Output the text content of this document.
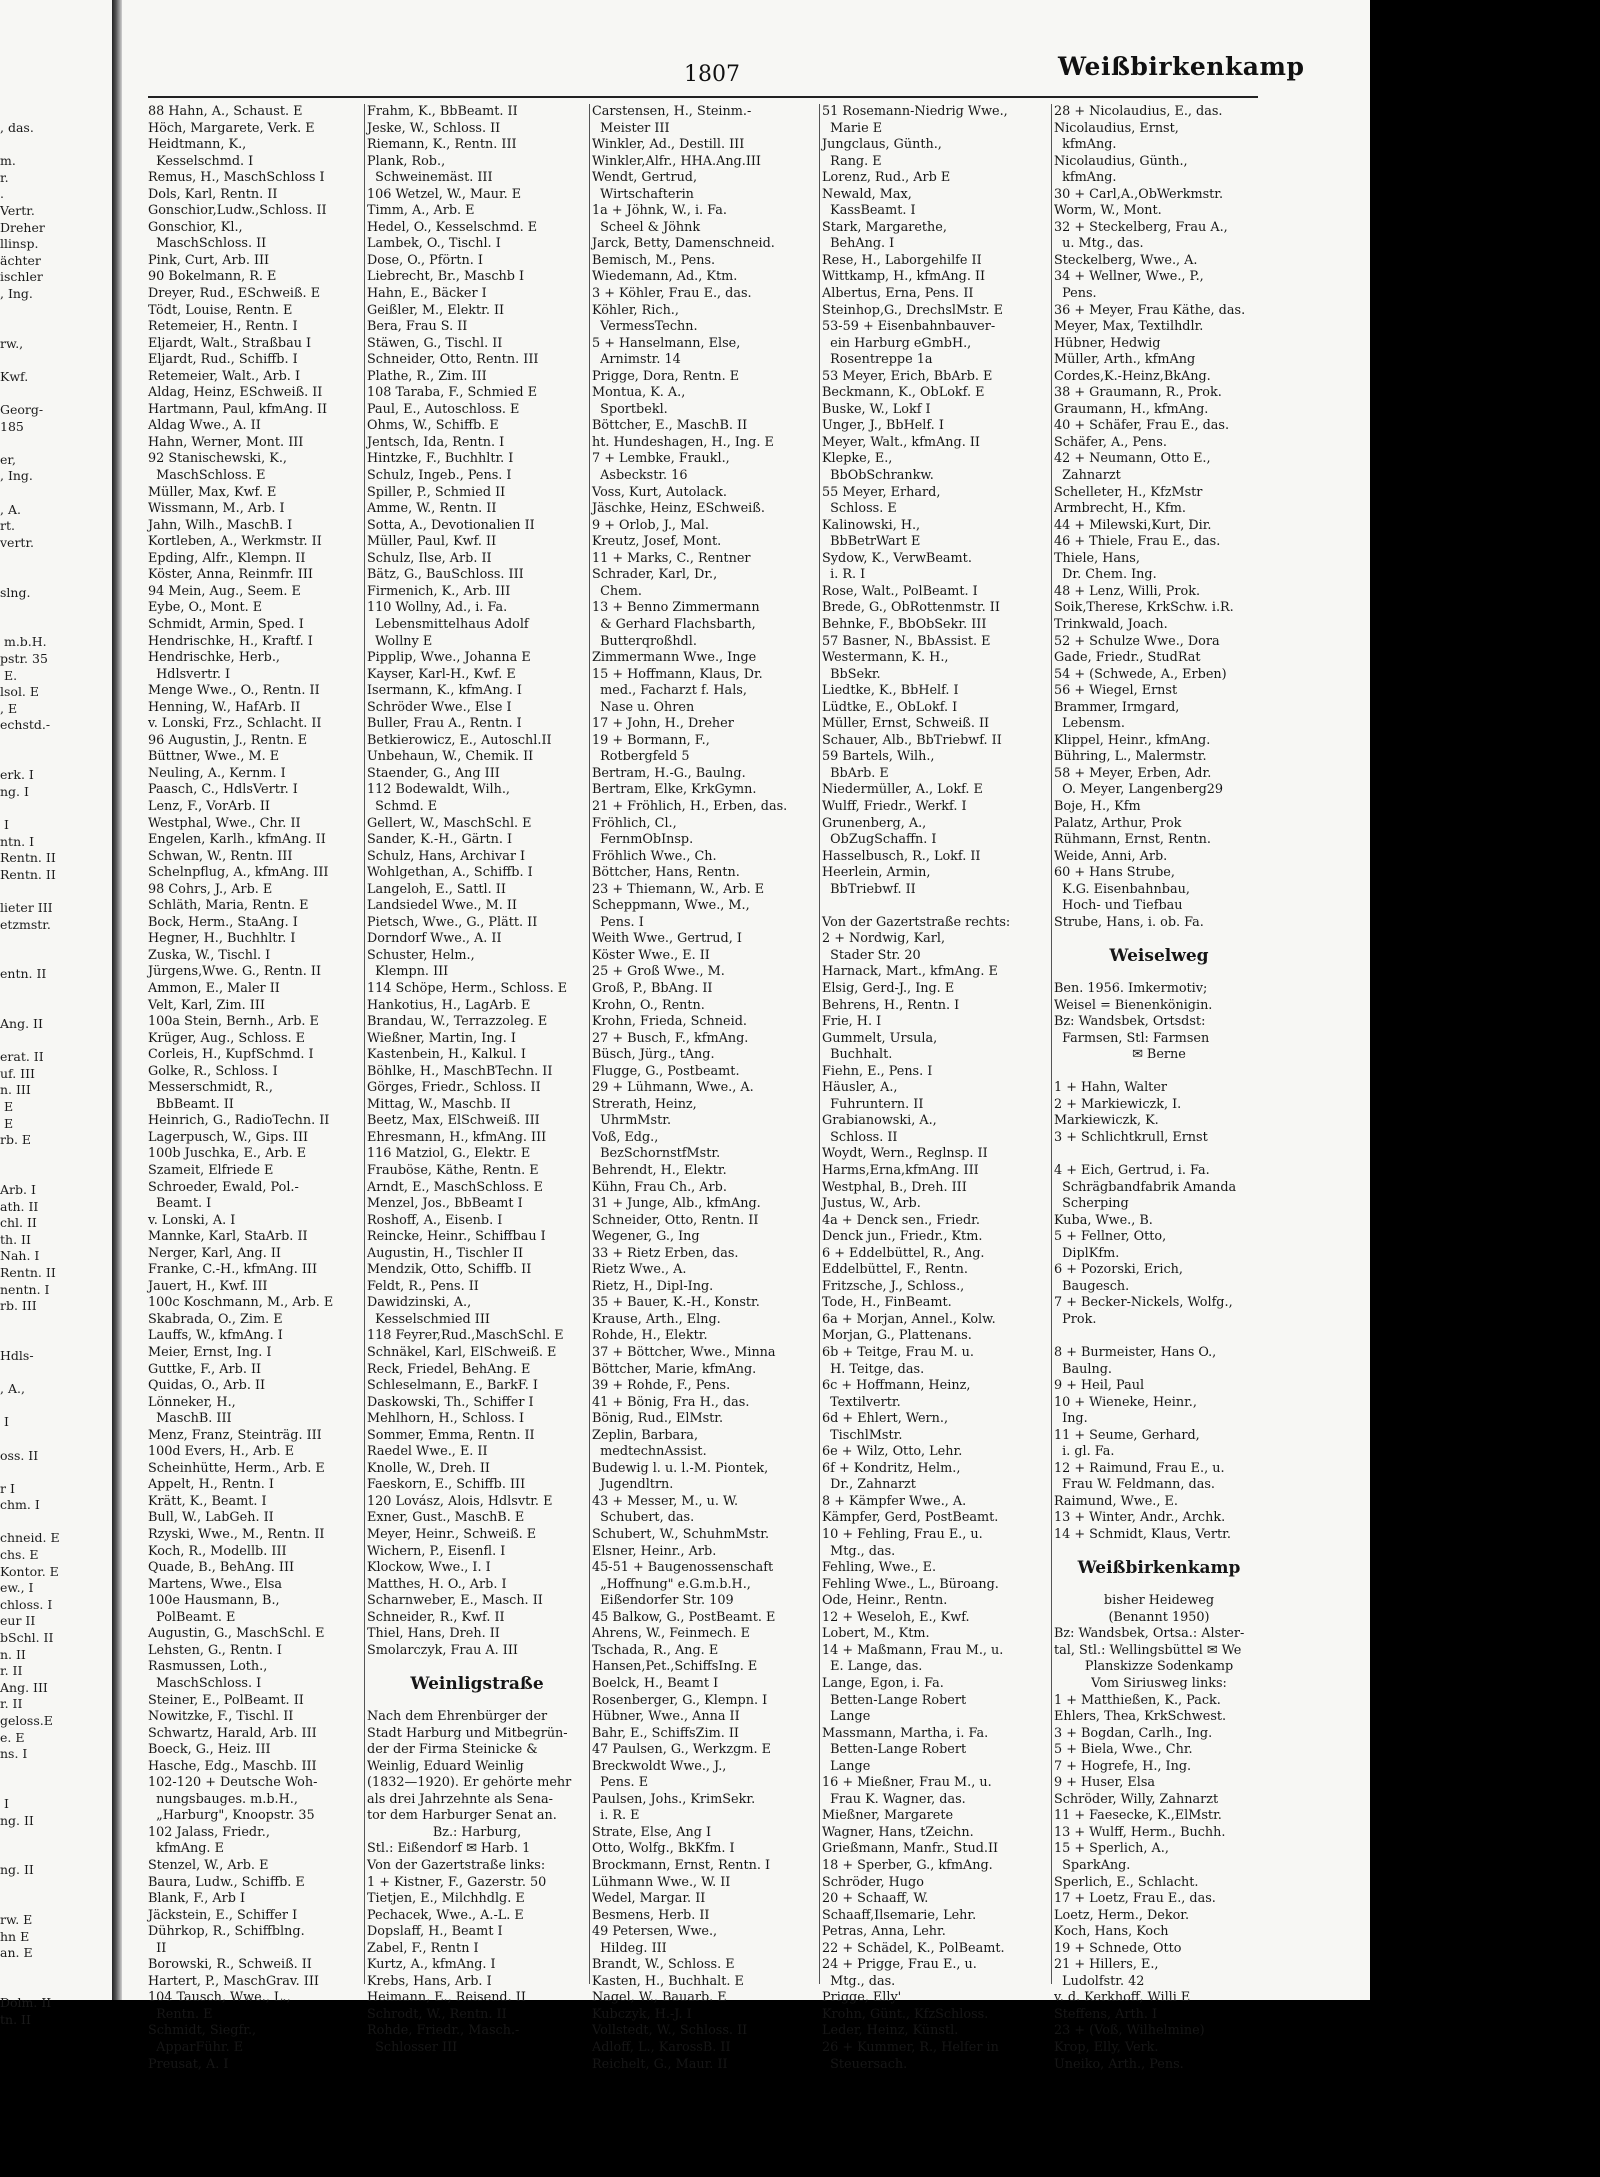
, das.

m.
r.
.
Vertr.
Dreher
llinsp.
ächter
ischler
, Ing.

rw.,

Kwf.

Georg-
185

er,
, Ing.

, A.
rt.
vertr.

slng.

m.b.H.
pstr. 35
E.
lsol. E
, E
echstd.-

erk. I
ng. I

I
ntn. I
Rentn. II
Rentn. II

lieter III
etzmstr.

entn. II

Ang. II

erat. II
uf. III
n. III
E
E
rb. E

Arb. I
ath. II
chl. II
th. II
Nah. I
Rentn. II
nentn. I
rb. III

Hdls-

, A.,

I

oss. II

r I
chm. I

chneid. E
chs. E
Kontor. E
ew., I
chloss. I
eur II
bSchl. II
n. II
r. II
Ang. III
r. II
geloss.E
e. E
ns. I

I
ng. II

ng. II

rw. E
hn E
an. E

Dolm. II
tn. II
1807	Weißbirkenkamp
88 Hahn, A., Schaust. E
Höch, Margarete, Verk. E
Heidtmann, K.,
Kesselschmd. I
Remus, H., MaschSchloss I
Dols, Karl, Rentn. II
Gonschior,Ludw.,Schloss. II
Gonschior, Kl.,
MaschSchloss. II
Pink, Curt, Arb. III
90 Bokelmann, R. E
Dreyer, Rud., ESchweiß. E
Tödt, Louise, Rentn. E
Retemeier, H., Rentn. I
Eljardt, Walt., Straßbau I
Eljardt, Rud., Schiffb. I
Retemeier, Walt., Arb. I
Aldag, Heinz, ESchweiß. II
Hartmann, Paul, kfmAng. II
Aldag Wwe., A. II
Hahn, Werner, Mont. III
92 Stanischewski, K.,
MaschSchloss. E
Müller, Max, Kwf. E
Wissmann, M., Arb. I
Jahn, Wilh., MaschB. I
Kortleben, A., Werkmstr. II
Epding, Alfr., Klempn. II
Köster, Anna, Reinmfr. III
94 Mein, Aug., Seem. E
Eybe, O., Mont. E
Schmidt, Armin, Sped. I
Hendrischke, H., Kraftf. I
Hendrischke, Herb.,
Hdlsvertr. I
Menge Wwe., O., Rentn. II
Henning, W., HafArb. II
v. Lonski, Frz., Schlacht. II
96 Augustin, J., Rentn. E
Büttner, Wwe., M. E
Neuling, A., Kernm. I
Paasch, C., HdlsVertr. I
Lenz, F., VorArb. II
Westphal, Wwe., Chr. II
Engelen, Karlh., kfmAng. II
Schwan, W., Rentn. III
Schelnpflug, A., kfmAng. III
98 Cohrs, J., Arb. E
Schläth, Maria, Rentn. E
Bock, Herm., StaAng. I
Hegner, H., Buchhltr. I
Zuska, W., Tischl. I
Jürgens,Wwe. G., Rentn. II
Ammon, E., Maler II
Velt, Karl, Zim. III
100a Stein, Bernh., Arb. E
Krüger, Aug., Schloss. E
Corleis, H., KupfSchmd. I
Golke, R., Schloss. I
Messerschmidt, R.,
BbBeamt. II
Heinrich, G., RadioTechn. II
Lagerpusch, W., Gips. III
100b Juschka, E., Arb. E
Szameit, Elfriede E
Schroeder, Ewald, Pol.-
Beamt. I
v. Lonski, A. I
Mannke, Karl, StaArb. II
Nerger, Karl, Ang. II
Franke, C.-H., kfmAng. III
Jauert, H., Kwf. III
100c Koschmann, M., Arb. E
Skabrada, O., Zim. E
Lauffs, W., kfmAng. I
Meier, Ernst, Ing. I
Guttke, F., Arb. II
Quidas, O., Arb. II
Lönneker, H.,
MaschB. III
Menz, Franz, Steinträg. III
100d Evers, H., Arb. E
Scheinhütte, Herm., Arb. E
Appelt, H., Rentn. I
Krätt, K., Beamt. I
Bull, W., LabGeh. II
Rzyski, Wwe., M., Rentn. II
Koch, R., Modellb. III
Quade, B., BehAng. III
Martens, Wwe., Elsa
100e Hausmann, B.,
PolBeamt. E
Augustin, G., MaschSchl. E
Lehsten, G., Rentn. I
Rasmussen, Loth.,
MaschSchloss. I
Steiner, E., PolBeamt. II
Nowitzke, F., Tischl. II
Schwartz, Harald, Arb. III
Boeck, G., Heiz. III
Hasche, Edg., Maschb. III
102-120 + Deutsche Woh-
nungsbauges. m.b.H.,
„Harburg", Knoopstr. 35
102 Jalass, Friedr.,
kfmAng. E
Stenzel, W., Arb. E
Baura, Ludw., Schiffb. E
Blank, F., Arb I
Jäckstein, E., Schiffer I
Dührkop, R., Schiffblng.
II
Borowski, R., Schweiß. II
Hartert, P., MaschGrav. III
104 Tausch, Wwe., L.,
Rentn. E
Schmidt, Siegfr.,
ApparFühr. E
Preusat, A. I
Frahm, K., BbBeamt. II
Jeske, W., Schloss. II
Riemann, K., Rentn. III
Plank, Rob.,
Schweinemäst. III
106 Wetzel, W., Maur. E
Timm, A., Arb. E
Hedel, O., Kesselschmd. E
Lambek, O., Tischl. I
Dose, O., Pförtn. I
Liebrecht, Br., Maschb I
Hahn, E., Bäcker I
Geißler, M., Elektr. II
Bera, Frau S. II
Stäwen, G., Tischl. II
Schneider, Otto, Rentn. III
Plathe, R., Zim. III
108 Taraba, F., Schmied E
Paul, E., Autoschloss. E
Ohms, W., Schiffb. E
Jentsch, Ida, Rentn. I
Hintzke, F., Buchhltr. I
Schulz, Ingeb., Pens. I
Spiller, P., Schmied II
Amme, W., Rentn. II
Sotta, A., Devotionalien II
Müller, Paul, Kwf. II
Schulz, Ilse, Arb. II
Bätz, G., BauSchloss. III
Firmenich, K., Arb. III
110 Wollny, Ad., i. Fa.
Lebensmittelhaus Adolf
Wollny E
Pipplip, Wwe., Johanna E
Kayser, Karl-H., Kwf. E
Isermann, K., kfmAng. I
Schröder Wwe., Else I
Buller, Frau A., Rentn. I
Betkierowicz, E., Autoschl.II
Unbehaun, W., Chemik. II
Staender, G., Ang III
112 Bodewaldt, Wilh.,
Schmd. E
Gellert, W., MaschSchl. E
Sander, K.-H., Gärtn. I
Schulz, Hans, Archivar I
Wohlgethan, A., Schiffb. I
Langeloh, E., Sattl. II
Landsiedel Wwe., M. II
Pietsch, Wwe., G., Plätt. II
Dorndorf Wwe., A. II
Schuster, Helm.,
Klempn. III
114 Schöpe, Herm., Schloss. E
Hankotius, H., LagArb. E
Brandau, W., Terrazzoleg. E
Wießner, Martin, Ing. I
Kastenbein, H., Kalkul. I
Böhlke, H., MaschBTechn. II
Görges, Friedr., Schloss. II
Mittag, W., Maschb. II
Beetz, Max, ElSchweiß. III
Ehresmann, H., kfmAng. III
116 Matziol, G., Elektr. E
Frauböse, Käthe, Rentn. E
Arndt, E., MaschSchloss. E
Menzel, Jos., BbBeamt I
Roshoff, A., Eisenb. I
Reincke, Heinr., Schiffbau I
Augustin, H., Tischler II
Mendzik, Otto, Schiffb. II
Feldt, R., Pens. II
Dawidzinski, A.,
Kesselschmied III
118 Feyrer,Rud.,MaschSchl. E
Schnäkel, Karl, ElSchweiß. E
Reck, Friedel, BehAng. E
Schleselmann, E., BarkF. I
Daskowski, Th., Schiffer I
Mehlhorn, H., Schloss. I
Sommer, Emma, Rentn. II
Raedel Wwe., E. II
Knolle, W., Dreh. II
Faeskorn, E., Schiffb. III
120 Lovász, Alois, Hdlsvtr. E
Exner, Gust., MaschB. E
Meyer, Heinr., Schweiß. E
Wichern, P., Eisenfl. I
Klockow, Wwe., I. I
Matthes, H. O., Arb. I
Scharnweber, E., Masch. II
Schneider, R., Kwf. II
Thiel, Hans, Dreh. II
Smolarczyk, Frau A. III
Weinligstraße
Nach dem Ehrenbürger der
Stadt Harburg und Mitbegrün-
der der Firma Steinicke &
Weinlig, Eduard Weinlig
(1832—1920). Er gehörte mehr
als drei Jahrzehnte als Sena-
tor dem Harburger Senat an.
Bz.: Harburg,
Stl.: Eißendorf ✉ Harb. 1
Von der Gazertstraße links:
1 + Kistner, F., Gazerstr. 50
Tietjen, E., Milchhdlg. E
Pechacek, Wwe., A.-L. E
Dopslaff, H., Beamt I
Zabel, F., Rentn I
Kurtz, A., kfmAng. I
Krebs, Hans, Arb. I
Heimann, E., Reisend. II
Schrodt, W., Rentn. II
Rohde, Friedr., Masch.-
Schlosser III
Carstensen, H., Steinm.-
Meister III
Winkler, Ad., Destill. III
Winkler,Alfr., HHA.Ang.III
Wendt, Gertrud,
Wirtschafterin
1a + Jöhnk, W., i. Fa.
Scheel & Jöhnk
Jarck, Betty, Damenschneid.
Bemisch, M., Pens.
Wiedemann, Ad., Ktm.
3 + Köhler, Frau E., das.
Köhler, Rich.,
VermessTechn.
5 + Hanselmann, Else,
Arnimstr. 14
Prigge, Dora, Rentn. E
Montua, K. A.,
Sportbekl.
Böttcher, E., MaschB. II
ht. Hundeshagen, H., Ing. E
7 + Lembke, Fraukl.,
Asbeckstr. 16
Voss, Kurt, Autolack.
Jäschke, Heinz, ESchweiß.
9 + Orlob, J., Mal.
Kreutz, Josef, Mont.
11 + Marks, C., Rentner
Schrader, Karl, Dr.,
Chem.
13 + Benno Zimmermann
& Gerhard Flachsbarth,
Butterqroßhdl.
Zimmermann Wwe., Inge
15 + Hoffmann, Klaus, Dr.
med., Facharzt f. Hals,
Nase u. Ohren
17 + John, H., Dreher
19 + Bormann, F.,
Rotbergfeld 5
Bertram, H.-G., Baulng.
Bertram, Elke, KrkGymn.
21 + Fröhlich, H., Erben, das.
Fröhlich, Cl.,
FernmObInsp.
Fröhlich Wwe., Ch.
Böttcher, Hans, Rentn.
23 + Thiemann, W., Arb. E
Scheppmann, Wwe., M.,
Pens. I
Weith Wwe., Gertrud, I
Köster Wwe., E. II
25 + Groß Wwe., M.
Groß, P., BbAng. II
Krohn, O., Rentn.
Krohn, Frieda, Schneid.
27 + Busch, F., kfmAng.
Büsch, Jürg., tAng.
Flugge, G., Postbeamt.
29 + Lühmann, Wwe., A.
Strerath, Heinz,
UhrmMstr.
Voß, Edg.,
BezSchornstfMstr.
Behrendt, H., Elektr.
Kühn, Frau Ch., Arb.
31 + Junge, Alb., kfmAng.
Schneider, Otto, Rentn. II
Wegener, G., Ing
33 + Rietz Erben, das.
Rietz Wwe., A.
Rietz, H., Dipl-Ing.
35 + Bauer, K.-H., Konstr.
Krause, Arth., Elng.
Rohde, H., Elektr.
37 + Böttcher, Wwe., Minna
Böttcher, Marie, kfmAng.
39 + Rohde, F., Pens.
41 + Bönig, Fra H., das.
Bönig, Rud., ElMstr.
Zeplin, Barbara,
medtechnAssist.
Budewig l. u. l.-M. Piontek,
Jugendltrn.
43 + Messer, M., u. W.
Schubert, das.
Schubert, W., SchuhmMstr.
Elsner, Heinr., Arb.
45-51 + Baugenossenschaft
„Hoffnung" e.G.m.b.H.,
Eißendorfer Str. 109
45 Balkow, G., PostBeamt. E
Ahrens, W., Feinmech. E
Tschada, R., Ang. E
Hansen,Pet.,SchiffsIng. E
Boelck, H., Beamt I
Rosenberger, G., Klempn. I
Hübner, Wwe., Anna II
Bahr, E., SchiffsZim. II
47 Paulsen, G., Werkzgm. E
Breckwoldt Wwe., J.,
Pens. E
Paulsen, Johs., KrimSekr.
i. R. E
Strate, Else, Ang I
Otto, Wolfg., BkKfm. I
Brockmann, Ernst, Rentn. I
Lühmann Wwe., W. II
Wedel, Margar. II
Besmens, Herb. II
49 Petersen, Wwe.,
Hildeg. III
Brandt, W., Schloss. E
Kasten, H., Buchhalt. E
Nagel, W., Bauarb. E
Kubczyk, H.-J. I
Vollstedt, W., Schloss. II
Adloff, L., KarossB. II
Reichelt, G., Maur. II
51 Rosemann-Niedrig Wwe.,
Marie E
Jungclaus, Günth.,
Rang. E
Lorenz, Rud., Arb E
Newald, Max,
KassBeamt. I
Stark, Margarethe,
BehAng. I
Rese, H., Laborgehilfe II
Wittkamp, H., kfmAng. II
Albertus, Erna, Pens. II
Steinhop,G., DrechslMstr. E
53-59 + Eisenbahnbauver-
ein Harburg eGmbH.,
Rosentreppe 1a
53 Meyer, Erich, BbArb. E
Beckmann, K., ObLokf. E
Buske, W., Lokf I
Unger, J., BbHelf. I
Meyer, Walt., kfmAng. II
Klepke, E.,
BbObSchrankw.
55 Meyer, Erhard,
Schloss. E
Kalinowski, H.,
BbBetrWart E
Sydow, K., VerwBeamt.
i. R. I
Rose, Walt., PolBeamt. I
Brede, G., ObRottenmstr. II
Behnke, F., BbObSekr. III
57 Basner, N., BbAssist. E
Westermann, K. H.,
BbSekr.
Liedtke, K., BbHelf. I
Lüdtke, E., ObLokf. I
Müller, Ernst, Schweiß. II
Schauer, Alb., BbTriebwf. II
59 Bartels, Wilh.,
BbArb. E
Niedermüller, A., Lokf. E
Wulff, Friedr., Werkf. I
Grunenberg, A.,
ObZugSchaffn. I
Hasselbusch, R., Lokf. II
Heerlein, Armin,
BbTriebwf. II
Von der Gazertstraße rechts:
2 + Nordwig, Karl,
Stader Str. 20
Harnack, Mart., kfmAng. E
Elsig, Gerd-J., Ing. E
Behrens, H., Rentn. I
Frie, H. I
Gummelt, Ursula,
Buchhalt.
Fiehn, E., Pens. I
Häusler, A.,
Fuhruntern. II
Grabianowski, A.,
Schloss. II
Woydt, Wern., Reglnsp. II
Harms,Erna,kfmAng. III
Westphal, B., Dreh. III
Justus, W., Arb.
4a + Denck sen., Friedr.
Denck jun., Friedr., Ktm.
6 + Eddelbüttel, R., Ang.
Eddelbüttel, F., Rentn.
Fritzsche, J., Schloss.,
Tode, H., FinBeamt.
6a + Morjan, Annel., Kolw.
Morjan, G., Plattenans.
6b + Teitge, Frau M. u.
H. Teitge, das.
6c + Hoffmann, Heinz,
Textilvertr.
6d + Ehlert, Wern.,
TischlMstr.
6e + Wilz, Otto, Lehr.
6f + Kondritz, Helm.,
Dr., Zahnarzt
8 + Kämpfer Wwe., A.
Kämpfer, Gerd, PostBeamt.
10 + Fehling, Frau E., u.
Mtg., das.
Fehling, Wwe., E.
Fehling Wwe., L., Büroang.
Ode, Heinr., Rentn.
12 + Weseloh, E., Kwf.
Lobert, M., Ktm.
14 + Maßmann, Frau M., u.
E. Lange, das.
Lange, Egon, i. Fa.
Betten-Lange Robert
Lange
Massmann, Martha, i. Fa.
Betten-Lange Robert
Lange
16 + Mießner, Frau M., u.
Frau K. Wagner, das.
Mießner, Margarete
Wagner, Hans, tZeichn.
Grießmann, Manfr., Stud.II
18 + Sperber, G., kfmAng.
Schröder, Hugo
20 + Schaaff, W.
Schaaff,Ilsemarie, Lehr.
Petras, Anna, Lehr.
22 + Schädel, K., PolBeamt.
24 + Prigge, Frau E., u.
Mtg., das.
Prigge, Elly'
Krohn, Günt., KfzSchloss.
Leder, Heinz, Künstl.
26 + Kummer, R., Helfer in
Steuersach.
28 + Nicolaudius, E., das.
Nicolaudius, Ernst,
kfmAng.
Nicolaudius, Günth.,
kfmAng.
30 + Carl,A.,ObWerkmstr.
Worm, W., Mont.
32 + Steckelberg, Frau A.,
u. Mtg., das.
Steckelberg, Wwe., A.
34 + Wellner, Wwe., P.,
Pens.
36 + Meyer, Frau Käthe, das.
Meyer, Max, Textilhdlr.
Hübner, Hedwig
Müller, Arth., kfmAng
Cordes,K.-Heinz,BkAng.
38 + Graumann, R., Prok.
Graumann, H., kfmAng.
40 + Schäfer, Frau E., das.
Schäfer, A., Pens.
42 + Neumann, Otto E.,
Zahnarzt
Schelleter, H., KfzMstr
Armbrecht, H., Kfm.
44 + Milewski,Kurt, Dir.
46 + Thiele, Frau E., das.
Thiele, Hans,
Dr. Chem. Ing.
48 + Lenz, Willi, Prok.
Soik,Therese, KrkSchw. i.R.
Trinkwald, Joach.
52 + Schulze Wwe., Dora
Gade, Friedr., StudRat
54 + (Schwede, A., Erben)
56 + Wiegel, Ernst
Brammer, Irmgard,
Lebensm.
Klippel, Heinr., kfmAng.
Bühring, L., Malermstr.
58 + Meyer, Erben, Adr.
O. Meyer, Langenberg29
Boje, H., Kfm
Palatz, Arthur, Prok
Rühmann, Ernst, Rentn.
Weide, Anni, Arb.
60 + Hans Strube,
K.G. Eisenbahnbau,
Hoch- und Tiefbau
Strube, Hans, i. ob. Fa.
Weiselweg
Ben. 1956. Imkermotiv;
Weisel = Bienenkönigin.
Bz: Wandsbek, Ortsdst:
Farmsen, Stl: Farmsen
✉ Berne
1 + Hahn, Walter
2 + Markiewiczk, I.
Markiewiczk, K.
3 + Schlichtkrull, Ernst
4 + Eich, Gertrud, i. Fa.
Schrägbandfabrik Amanda
Scherping
Kuba, Wwe., B.
5 + Fellner, Otto,
DiplKfm.
6 + Pozorski, Erich,
Baugesch.
7 + Becker-Nickels, Wolfg.,
Prok.
8 + Burmeister, Hans O.,
Baulng.
9 + Heil, Paul
10 + Wieneke, Heinr.,
Ing.
11 + Seume, Gerhard,
i. gl. Fa.
12 + Raimund, Frau E., u.
Frau W. Feldmann, das.
Raimund, Wwe., E.
13 + Winter, Andr., Archk.
14 + Schmidt, Klaus, Vertr.
Weißbirkenkamp
bisher Heideweg
(Benannt 1950)
Bz: Wandsbek, Ortsa.: Alster-
tal, Stl.: Wellingsbüttel ✉ We
Planskizze Sodenkamp
Vom Siriusweg links:
1 + Matthießen, K., Pack.
Ehlers, Thea, KrkSchwest.
3 + Bogdan, Carlh., Ing.
5 + Biela, Wwe., Chr.
7 + Hogrefe, H., Ing.
9 + Huser, Elsa
Schröder, Willy, Zahnarzt
11 + Faesecke, K.,ElMstr.
13 + Wulff, Herm., Buchh.
15 + Sperlich, A.,
SparkAng.
Sperlich, E., Schlacht.
17 + Loetz, Frau E., das.
Loetz, Herm., Dekor.
Koch, Hans, Koch
19 + Schnede, Otto
21 + Hillers, E.,
Ludolfstr. 42
v. d. Kerkhoff, Willi E
Steffens, Arth. I
23 + (Voß, Wilhelmine)
Krop, Elly, Verk.
Uneiko, Arth., Pens.
